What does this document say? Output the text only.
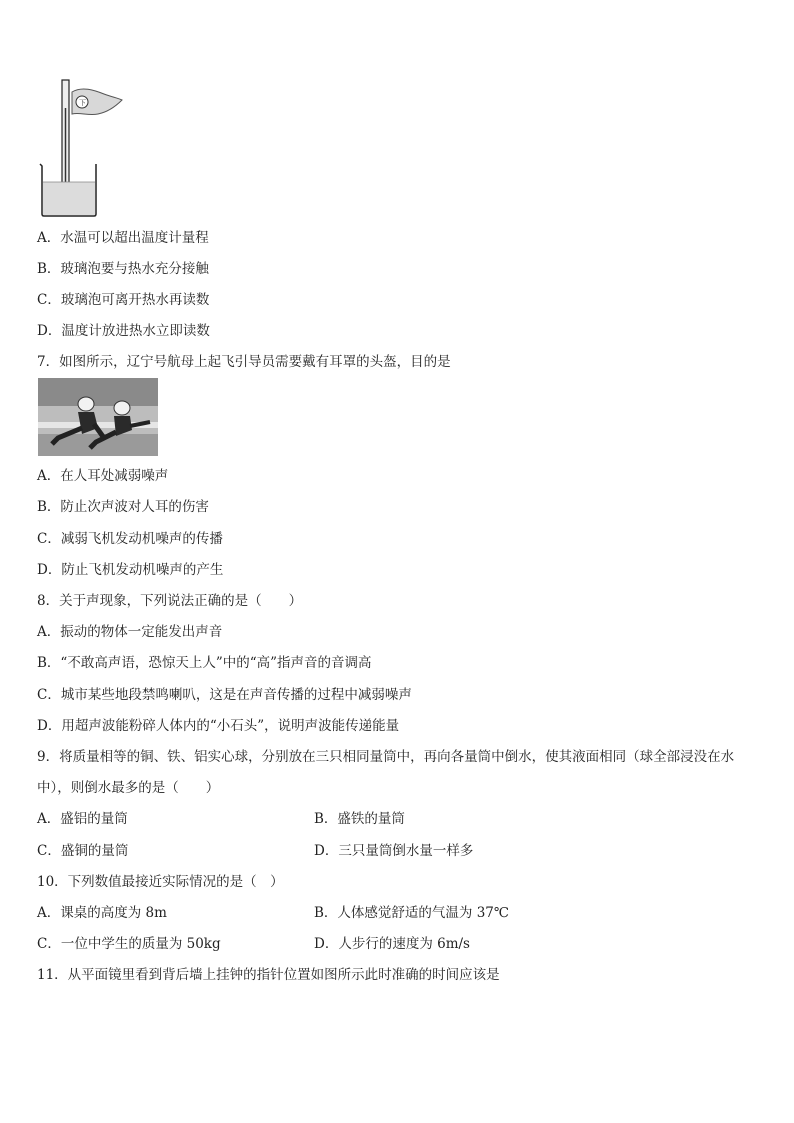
下
A．水温可以超出温度计量程
B．玻璃泡要与热水充分接触
C．玻璃泡可离开热水再读数
D．温度计放进热水立即读数
7．如图所示，辽宁号航母上起飞引导员需要戴有耳罩的头盔，目的是
A．在人耳处减弱噪声
B．防止次声波对人耳的伤害
C．减弱飞机发动机噪声的传播
D．防止飞机发动机噪声的产生
8．关于声现象，下列说法正确的是（　　）
A．振动的物体一定能发出声音
B．“不敢高声语，恐惊天上人”中的“高”指声音的音调高
C．城市某些地段禁鸣喇叭，这是在声音传播的过程中减弱噪声
D．用超声波能粉碎人体内的“小石头”，说明声波能传递能量
9．将质量相等的铜、铁、铝实心球，分别放在三只相同量筒中，再向各量筒中倒水，使其液面相同（球全部浸没在水
中），则倒水最多的是（　　）
A．盛铝的量筒	B．盛铁的量筒
C．盛铜的量筒	D．三只量筒倒水量一样多
10．下列数值最接近实际情况的是（　）
A．课桌的高度为 8m	B．人体感觉舒适的气温为 37℃
C．一位中学生的质量为 50kg	D．人步行的速度为 6m/s
11．从平面镜里看到背后墙上挂钟的指针位置如图所示此时准确的时间应该是
